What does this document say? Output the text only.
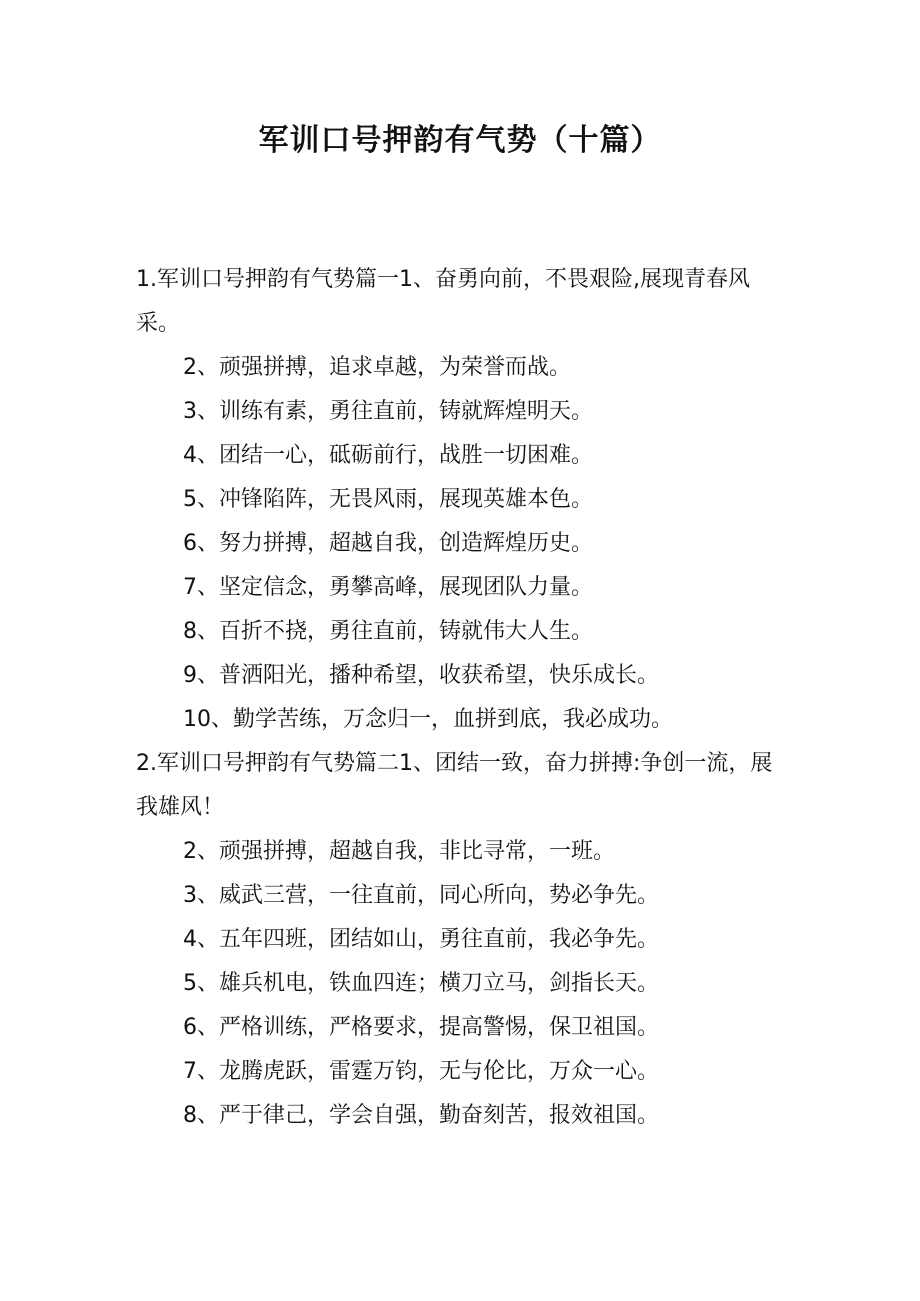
军训口号押韵有气势（十篇）

1.军训口号押韵有气势篇一1、奋勇向前，不畏艰险,展现青春风采。

2、顽强拼搏，追求卓越，为荣誉而战。

3、训练有素，勇往直前，铸就辉煌明天。

4、团结一心，砥砺前行，战胜一切困难。

5、冲锋陷阵，无畏风雨，展现英雄本色。

6、努力拼搏，超越自我，创造辉煌历史。

7、坚定信念，勇攀高峰，展现团队力量。

8、百折不挠，勇往直前，铸就伟大人生。

9、普洒阳光，播种希望，收获希望，快乐成长。

10、勤学苦练，万念归一，血拼到底，我必成功。

2.军训口号押韵有气势篇二1、团结一致，奋力拼搏:争创一流，展我雄风！

2、顽强拼搏，超越自我，非比寻常，一班。

3、威武三营，一往直前，同心所向，势必争先。

4、五年四班，团结如山，勇往直前，我必争先。

5、雄兵机电，铁血四连；横刀立马，剑指长天。

6、严格训练，严格要求，提高警惕，保卫祖国。

7、龙腾虎跃，雷霆万钧，无与伦比，万众一心。

8、严于律己，学会自强，勤奋刻苦，报效祖国。
